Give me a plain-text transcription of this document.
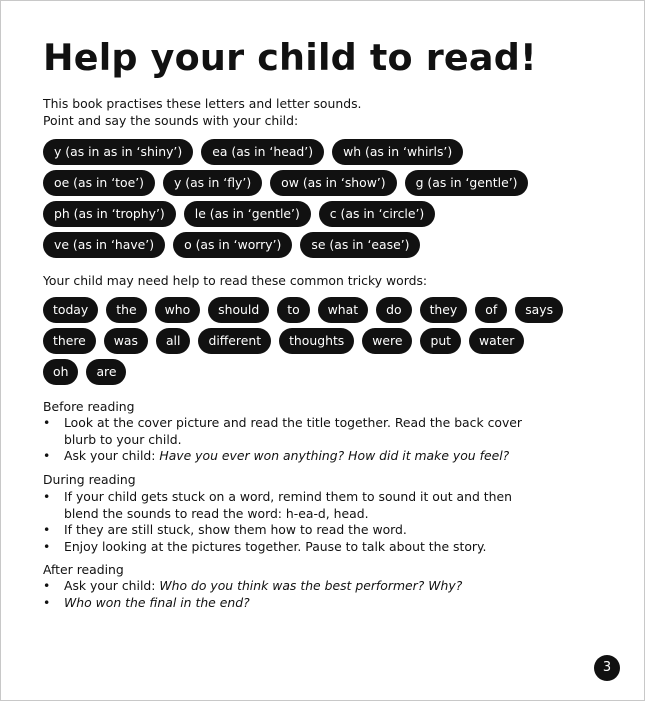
Help your child to read!
This book practises these letters and letter sounds.
Point and say the sounds with your child:
y (as in as in ‘shiny’)	ea (as in ‘head’)	wh (as in ‘whirls’)
oe (as in ‘toe’)	y (as in ‘fly’)	ow (as in ‘show’)	g (as in ‘gentle’)
ph (as in ‘trophy’)	le (as in ‘gentle’)	c (as in ‘circle’)
ve (as in ‘have’)	o (as in ‘worry’)	se (as in ‘ease’)
Your child may need help to read these common tricky words:
today	the	who	should	to	what	do	they	of	says
there	was	all	different	thoughts	were	put	water
oh	are
Before reading
• Look at the cover picture and read the title together. Read the back cover blurb to your child.
• Ask your child: Have you ever won anything? How did it make you feel?
During reading
• If your child gets stuck on a word, remind them to sound it out and then blend the sounds to read the word: h-ea-d, head.
• If they are still stuck, show them how to read the word.
• Enjoy looking at the pictures together. Pause to talk about the story.
After reading
• Ask your child: Who do you think was the best performer? Why?
• Who won the final in the end?
3
